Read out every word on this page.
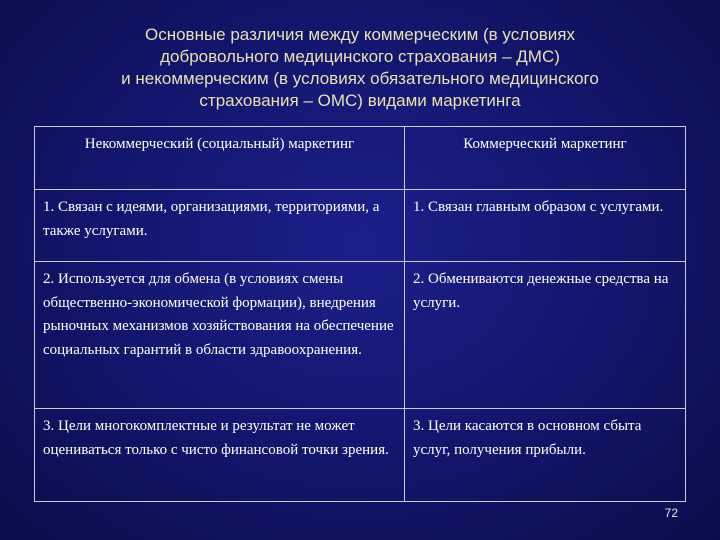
Основные различия между коммерческим (в условиях
добровольного медицинского страхования – ДМС)
и некоммерческим (в условиях обязательного медицинского
страхования – ОМС) видами маркетинга
Некоммерческий (социальный) маркетинг	Коммерческий маркетинг
1. Связан с идеями, организациями, территориями, а также услугами.	1. Связан главным образом с услугами.
2. Используется для обмена (в условиях смены общественно-экономической формации), внедрения рыночных механизмов хозяйствования на обеспечение социальных гарантий в области здравоохранения.	2. Обмениваются денежные средства на услуги.
3. Цели многокомплектные и результат не может оцениваться только с чисто финансовой точки зрения.	3. Цели касаются в основном сбыта услуг, получения прибыли.
72
